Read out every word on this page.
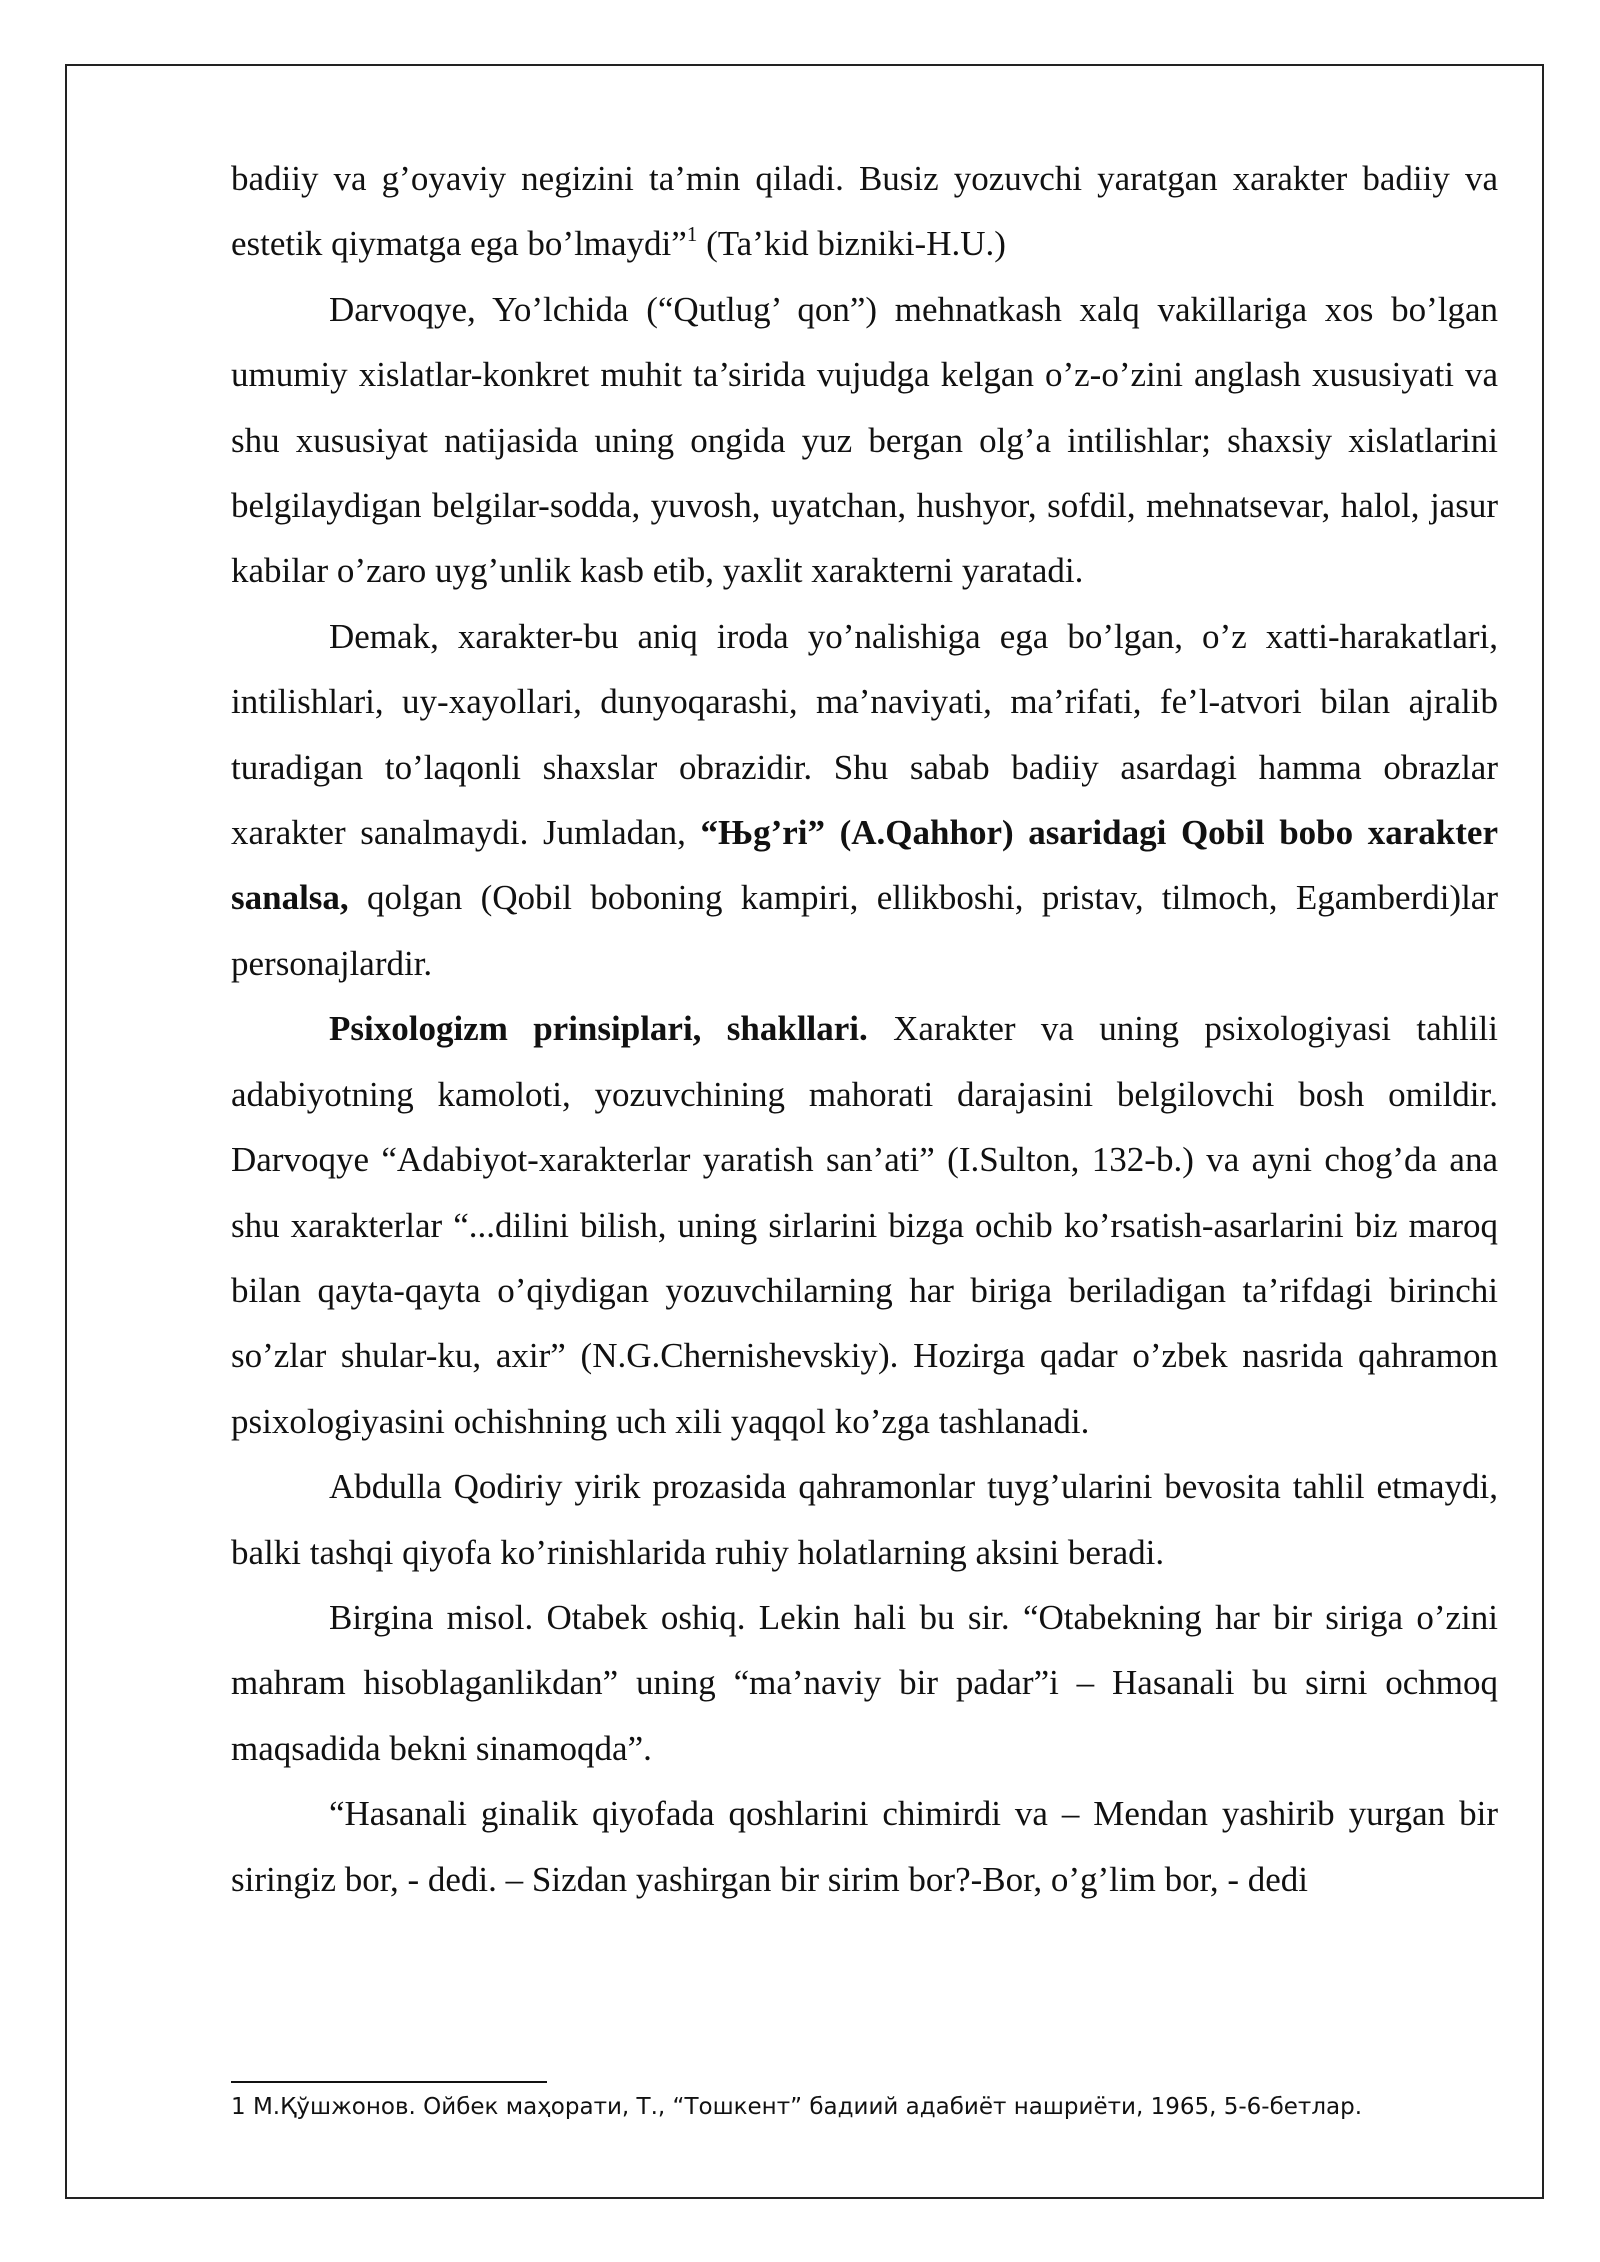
badiiy va g’oyaviy negizini ta’min qiladi. Busiz yozuvchi yaratgan xarakter badiiy va estetik qiymatga ega bo’lmaydi”$^1$ (Ta’kid bizniki-H.U.)

Darvoqye, Yo’lchida (“Qutlug’ qon”) mehnatkash xalq vakillariga xos bo’lgan umumiy xislatlar-konkret muhit ta’sirida vujudga kelgan o’z-o’zini anglash xususiyati va shu xususiyat natijasida uning ongida yuz bergan olg’a intilishlar; shaxsiy xislatlarini belgilaydigan belgilar-sodda, yuvosh, uyatchan, hushyor, sofdil, mehnatsevar, halol, jasur kabilar o’zaro uyg’unlik kasb etib, yaxlit xarakterni yaratadi.

Demak, xarakter-bu aniq iroda yo’nalishiga ega bo’lgan, o’z xatti-harakatlari, intilishlari, uy-xayollari, dunyoqarashi, ma’naviyati, ma’rifati, fe’l-atvori bilan ajralib turadigan to’laqonli shaxslar obrazidir. Shu sabab badiiy asardagi hamma obrazlar xarakter sanalmaydi. Jumladan, “Њg’ri” (A.Qahhor) asaridagi Qobil bobo xarakter sanalsa, qolgan (Qobil boboning kampiri, ellikboshi, pristav, tilmoch, Egamberdi)lar personajlardir.

Psixologizm prinsiplari, shakllari. Xarakter va uning psixologiyasi tahlili adabiyotning kamoloti, yozuvchining mahorati darajasini belgilovchi bosh omildir. Darvoqye “Adabiyot-xarakterlar yaratish san’ati” (I.Sulton, 132-b.) va ayni chog’da ana shu xarakterlar “...dilini bilish, uning sirlarini bizga ochib ko’rsatish-asarlarini biz maroq bilan qayta-qayta o’qiydigan yozuvchilarning har biriga beriladigan ta’rifdagi birinchi so’zlar shular-ku, axir” (N.G.Chernishevskiy). Hozirga qadar o’zbek nasrida qahramon psixologiyasini ochishning uch xili yaqqol ko’zga tashlanadi.

Abdulla Qodiriy yirik prozasida qahramonlar tuyg’ularini bevosita tahlil etmaydi, balki tashqi qiyofa ko’rinishlarida ruhiy holatlarning aksini beradi.

Birgina misol. Otabek oshiq. Lekin hali bu sir. “Otabekning har bir siriga o’zini mahram hisoblaganlikdan” uning “ma’naviy bir padar”i – Hasanali bu sirni ochmoq maqsadida bekni sinamoqda”.

“Hasanali ginalik qiyofada qoshlarini chimirdi va – Mendan yashirib yurgan bir siringiz bor, - dedi. – Sizdan yashirgan bir sirim bor?-Bor, o’g’lim bor, - dedi

1 М.Қўшжонов. Ойбек маҳорати, Т., “Тошкент” бадиий адабиёт нашриёти, 1965, 5-6-бетлар.
